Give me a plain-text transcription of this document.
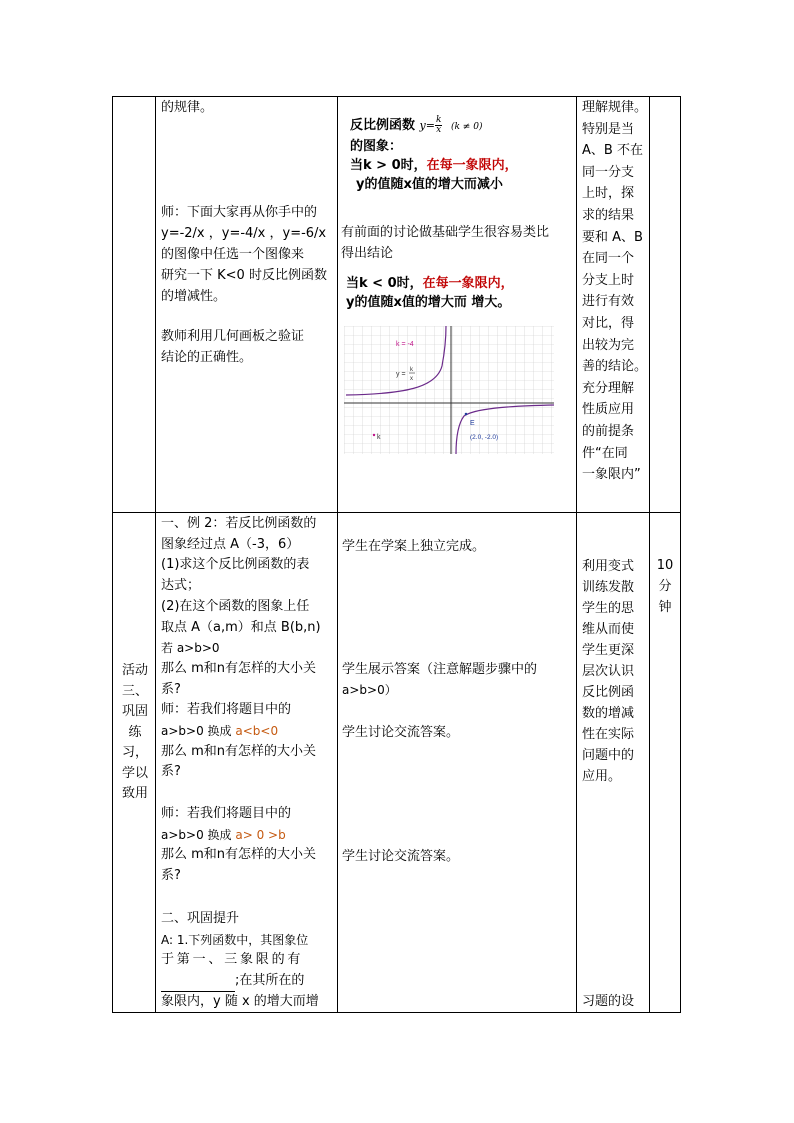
的规律。
师：下面大家再从你手中的
y=-2/x ，y=-4/x ，y=-6/x
的图像中任选一个图像来
研究一下 K<0 时反比例函数
的增减性。
教师利用几何画板之验证
结论的正确性。
反比例函数 $y= \frac{k}{x} (k \ne 0)$
的图象：
当k > 0时，在每一象限内，
y的值随x值的增大而减小
有前面的讨论做基础学生很容易类比
得出结论
当k < 0时，在每一象限内，
y的值随x值的增大而 增大。
k = -4
y =
k
x
E
(2.0, -2.0)
k
理解规律。
特别是当
A、B 不在
同一分支
上时，探
求的结果
要和 A、B
在同一个
分支上时
进行有效
对比，得
出较为完
善的结论。
充分理解
性质应用
的前提条
件“在同
一象限内”
活动
三、
巩固
练
习，
学以
致用
一、例 2：若反比例函数的
图象经过点 A（-3，6）
(1)求这个反比例函数的表
达式；
(2)在这个函数的图象上任
取点 A（a,m）和点 B(b,n)
若 a>b>0
那么 m和n有怎样的大小关
系?
师：若我们将题目中的
a>b>0 换成 a<b<0
那么 m和n有怎样的大小关
系?
师：若我们将题目中的
a>b>0 换成 a> 0 >b
那么 m和n有怎样的大小关
系?
二、巩固提升
A: 1.下列函数中，其图象位
于第一、三象限的有
;在其所在的
象限内，y 随 x 的增大而增
学生在学案上独立完成。
学生展示答案（注意解题步骤中的
a>b>0）
学生讨论交流答案。
学生讨论交流答案。
利用变式
训练发散
学生的思
维从而使
学生更深
层次认识
反比例函
数的增减
性在实际
问题中的
应用。
习题的设
10
分
钟
